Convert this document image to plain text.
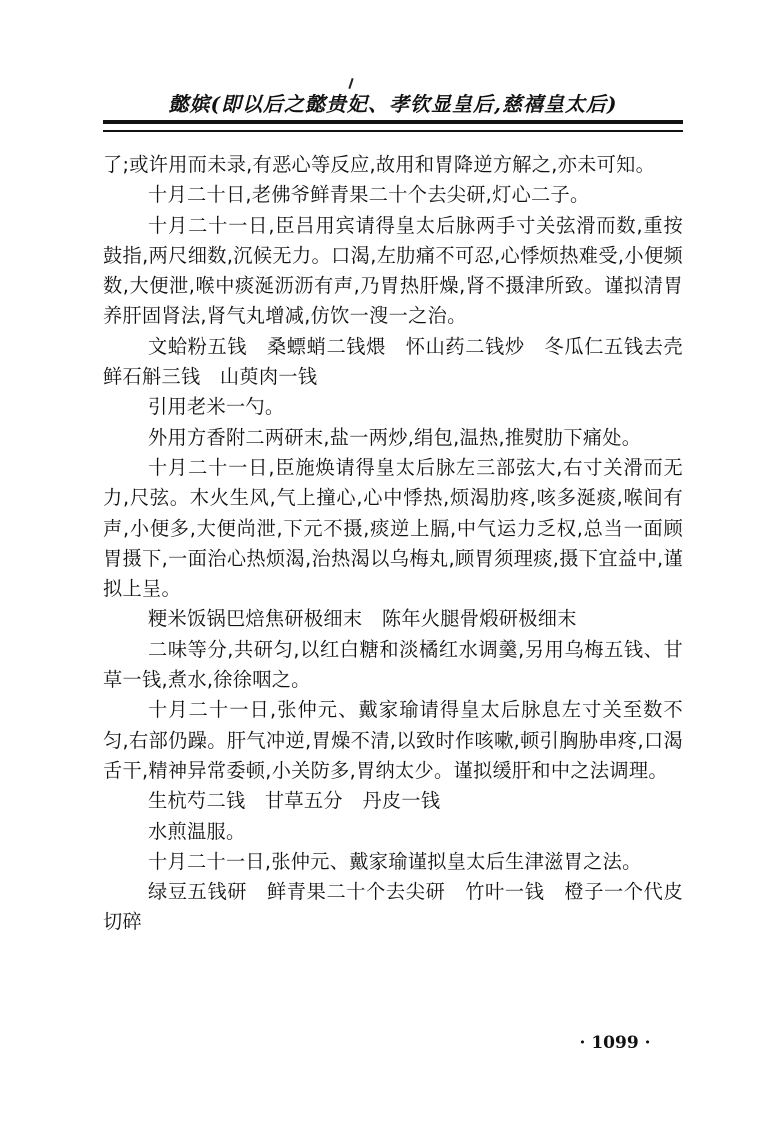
懿嫔(即以后之懿贵妃、孝钦显皇后,慈禧皇太后)

了;或许用而未录,有恶心等反应,故用和胃降逆方解之,亦未可知。

十月二十日,老佛爷鲜青果二十个去尖研,灯心二子。

十月二十一日,臣吕用宾请得皇太后脉两手寸关弦滑而数,重按鼓指,两尺细数,沉候无力。口渴,左肋痛不可忍,心悸烦热难受,小便频数,大便泄,喉中痰涎沥沥有声,乃胃热肝燥,肾不摄津所致。谨拟清胃养肝固肾法,肾气丸增减,仿饮一溲一之治。

文蛤粉五钱　桑螵蛸二钱煨　怀山药二钱炒　冬瓜仁五钱去壳　鲜石斛三钱　山萸肉一钱

引用老米一勺。

外用方香附二两研末,盐一两炒,绢包,温热,推熨肋下痛处。

十月二十一日,臣施焕请得皇太后脉左三部弦大,右寸关滑而无力,尺弦。木火生风,气上撞心,心中悸热,烦渴肋疼,咳多涎痰,喉间有声,小便多,大便尚泄,下元不摄,痰逆上膈,中气运力乏权,总当一面顾胃摄下,一面治心热烦渴,治热渴以乌梅丸,顾胃须理痰,摄下宜益中,谨拟上呈。

粳米饭锅巴焙焦研极细末　陈年火腿骨煅研极细末

二味等分,共研匀,以红白糖和淡橘红水调羹,另用乌梅五钱、甘草一钱,煮水,徐徐咽之。

十月二十一日,张仲元、戴家瑜请得皇太后脉息左寸关至数不匀,右部仍躁。肝气冲逆,胃燥不清,以致时作咳嗽,顿引胸胁串疼,口渴舌干,精神异常委顿,小关防多,胃纳太少。谨拟缓肝和中之法调理。

生杭芍二钱　甘草五分　丹皮一钱

水煎温服。

十月二十一日,张仲元、戴家瑜谨拟皇太后生津滋胃之法。

绿豆五钱研　鲜青果二十个去尖研　竹叶一钱　橙子一个代皮切碎

· 1099 ·
